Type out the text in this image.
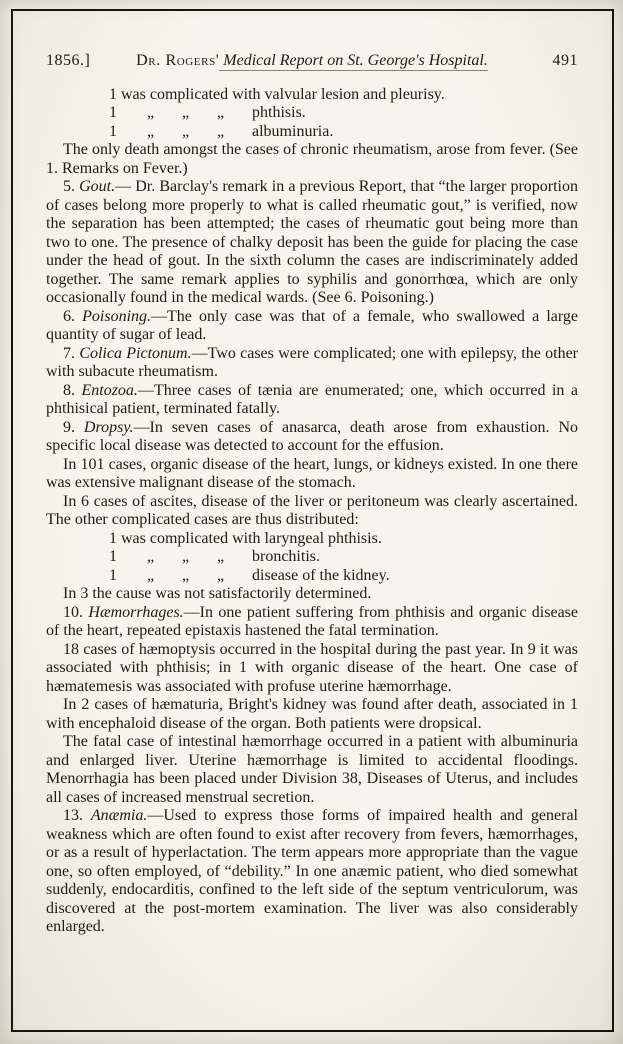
1856.]	Dr. Rogers' Medical Report on St. George's Hospital.	491

1 was complicated with valvular lesion and pleurisy.

1 „ „ „ phthisis.

1 „ „ „ albuminuria.

The only death amongst the cases of chronic rheumatism, arose from fever. (See 1. Remarks on Fever.)

5. Gout.— Dr. Barclay's remark in a previous Report, that “the larger proportion of cases belong more properly to what is called rheumatic gout,” is verified, now the separation has been attempted; the cases of rheumatic gout being more than two to one. The presence of chalky deposit has been the guide for placing the case under the head of gout. In the sixth column the cases are indiscriminately added together. The same remark applies to syphilis and gonorrhœa, which are only occasionally found in the medical wards. (See 6. Poisoning.)

6. Poisoning.—The only case was that of a female, who swallowed a large quantity of sugar of lead.

7. Colica Pictonum.—Two cases were complicated; one with epilepsy, the other with subacute rheumatism.

8. Entozoa.—Three cases of tænia are enumerated; one, which occurred in a phthisical patient, terminated fatally.

9. Dropsy.—In seven cases of anasarca, death arose from exhaustion. No specific local disease was detected to account for the effusion.

In 101 cases, organic disease of the heart, lungs, or kidneys existed. In one there was extensive malignant disease of the stomach.

In 6 cases of ascites, disease of the liver or peritoneum was clearly ascertained. The other complicated cases are thus distributed:

1 was complicated with laryngeal phthisis.

1 „ „ „ bronchitis.

1 „ „ „ disease of the kidney.

In 3 the cause was not satisfactorily determined.

10. Hæmorrhages.—In one patient suffering from phthisis and organic disease of the heart, repeated epistaxis hastened the fatal termination.

18 cases of hæmoptysis occurred in the hospital during the past year. In 9 it was associated with phthisis; in 1 with organic disease of the heart. One case of hæmatemesis was associated with profuse uterine hæmorrhage.

In 2 cases of hæmaturia, Bright's kidney was found after death, associated in 1 with encephaloid disease of the organ. Both patients were dropsical.

The fatal case of intestinal hæmorrhage occurred in a patient with albuminuria and enlarged liver. Uterine hæmorrhage is limited to accidental floodings. Menorrhagia has been placed under Division 38, Diseases of Uterus, and includes all cases of increased menstrual secretion.

13. Anæmia.—Used to express those forms of impaired health and general weakness which are often found to exist after recovery from fevers, hæmorrhages, or as a result of hyperlactation. The term appears more appropriate than the vague one, so often employed, of “debility.” In one anæmic patient, who died somewhat suddenly, endocarditis, confined to the left side of the septum ventriculorum, was discovered at the post-mortem examination. The liver was also considerably enlarged.
